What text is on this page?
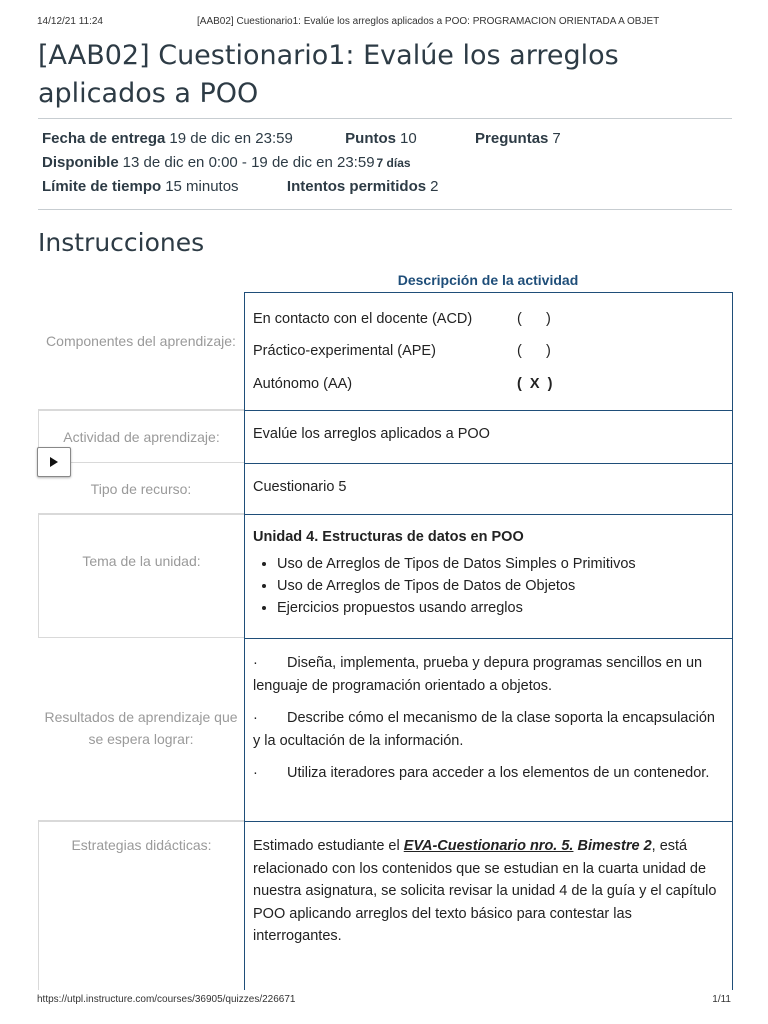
14/12/21 11:24	[AAB02] Cuestionario1: Evalúe los arreglos aplicados a POO: PROGRAMACION ORIENTADA A OBJET
[AAB02] Cuestionario1: Evalúe los arreglos aplicados a POO
Fecha de entrega 19 de dic en 23:59	Puntos 10	Preguntas 7
Disponible 13 de dic en 0:00 - 19 de dic en 23:59 7 días
Límite de tiempo 15 minutos	Intentos permitidos 2
Instrucciones
Descripción de la actividad
Componentes del aprendizaje:
En contacto con el docente (ACD)	(      )
Práctico-experimental (APE)	(      )
Autónomo (AA)	(  X  )
Actividad de aprendizaje:	Evalúe los arreglos aplicados a POO
Tipo de recurso:	Cuestionario 5
Tema de la unidad:
Unidad 4. Estructuras de datos en POO
• Uso de Arreglos de Tipos de Datos Simples o Primitivos
• Uso de Arreglos de Tipos de Datos de Objetos
• Ejercicios propuestos usando arreglos
Resultados de aprendizaje que se espera lograr:

· Diseña, implementa, prueba y depura programas sencillos en un lenguaje de programación orientado a objetos.

· Describe cómo el mecanismo de la clase soporta la encapsulación y la ocultación de la información.

· Utiliza iteradores para acceder a los elementos de un contenedor.

Estrategias didácticas:	Estimado estudiante el EVA-Cuestionario nro. 5. Bimestre 2, está relacionado con los contenidos que se estudian en la cuarta unidad de nuestra asignatura, se solicita revisar la unidad 4 de la guía y el capítulo POO aplicando arreglos del texto básico para contestar las interrogantes.

https://utpl.instructure.com/courses/36905/quizzes/226671	1/11
